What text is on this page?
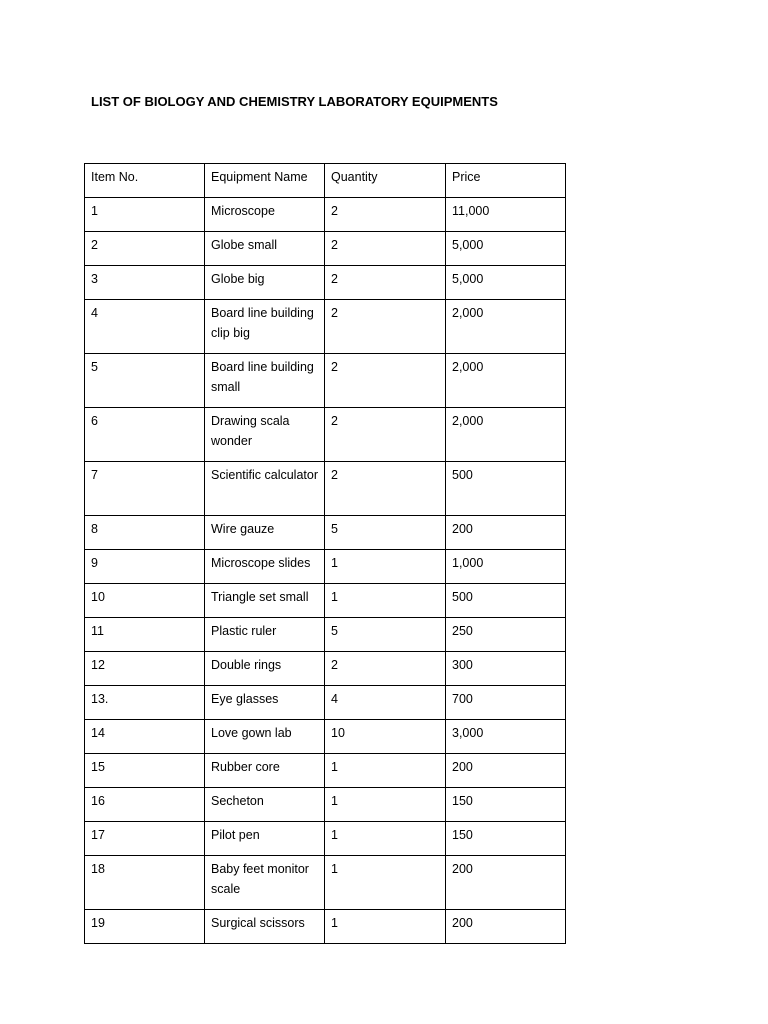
LIST OF BIOLOGY AND CHEMISTRY LABORATORY EQUIPMENTS
Item No.	Equipment Name	Quantity	Price

1	Microscope	2	11,000

2	Globe small	2	5,000

3	Globe big	2	5,000

4	Board line building clip big	2	2,000

5	Board line building small	2	2,000

6	Drawing scala wonder	2	2,000

7	Scientific calculator	2	500

8	Wire gauze	5	200

9	Microscope slides	1	1,000

10	Triangle set small	1	500

11	Plastic ruler	5	250

12	Double rings	2	300

13.	Eye glasses	4	700

14	Love gown lab	10	3,000

15	Rubber core	1	200

16	Secheton	1	150

17	Pilot pen	1	150

18	Baby feet monitor scale	1	200

19	Surgical scissors	1	200
